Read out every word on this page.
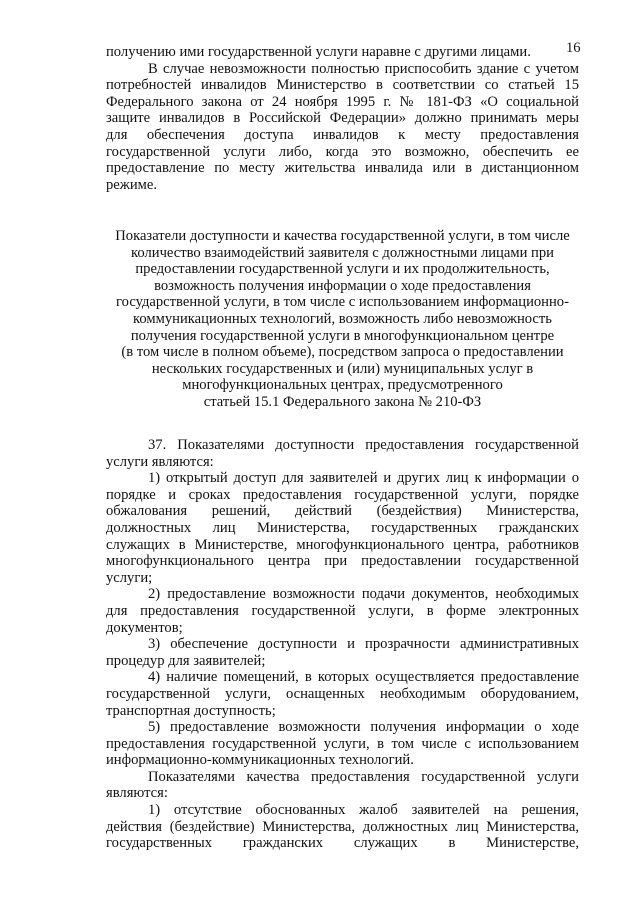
16
получению ими государственной услуги наравне с другими лицами.
В случае невозможности полностью приспособить здание с учетом
потребностей инвалидов Министерство в соответствии со статьей 15
Федерального закона от 24 ноября 1995 г. № 181-ФЗ «О социальной
защите инвалидов в Российской Федерации» должно принимать меры
для обеспечения доступа инвалидов к месту предоставления
государственной услуги либо, когда это возможно, обеспечить ее
предоставление по месту жительства инвалида или в дистанционном
режиме.
Показатели доступности и качества государственной услуги, в том числе
количество взаимодействий заявителя с должностными лицами при
предоставлении государственной услуги и их продолжительность,
возможность получения информации о ходе предоставления
государственной услуги, в том числе с использованием информационно-
коммуникационных технологий, возможность либо невозможность
получения государственной услуги в многофункциональном центре
(в том числе в полном объеме), посредством запроса о предоставлении
нескольких государственных и (или) муниципальных услуг в
многофункциональных центрах, предусмотренного
статьей 15.1 Федерального закона № 210-ФЗ
37. Показателями доступности предоставления государственной
услуги являются:
1) открытый доступ для заявителей и других лиц к информации о
порядке и сроках предоставления государственной услуги, порядке
обжалования решений, действий (бездействия) Министерства,
должностных лиц Министерства, государственных гражданских
служащих в Министерстве, многофункционального центра, работников
многофункционального центра при предоставлении государственной
услуги;
2) предоставление возможности подачи документов, необходимых
для предоставления государственной услуги, в форме электронных
документов;
3) обеспечение доступности и прозрачности административных
процедур для заявителей;
4) наличие помещений, в которых осуществляется предоставление
государственной услуги, оснащенных необходимым оборудованием,
транспортная доступность;
5) предоставление возможности получения информации о ходе
предоставления государственной услуги, в том числе с использованием
информационно-коммуникационных технологий.
Показателями качества предоставления государственной услуги
являются:
1) отсутствие обоснованных жалоб заявителей на решения,
действия (бездействие) Министерства, должностных лиц Министерства,
государственных гражданских служащих в Министерстве,
